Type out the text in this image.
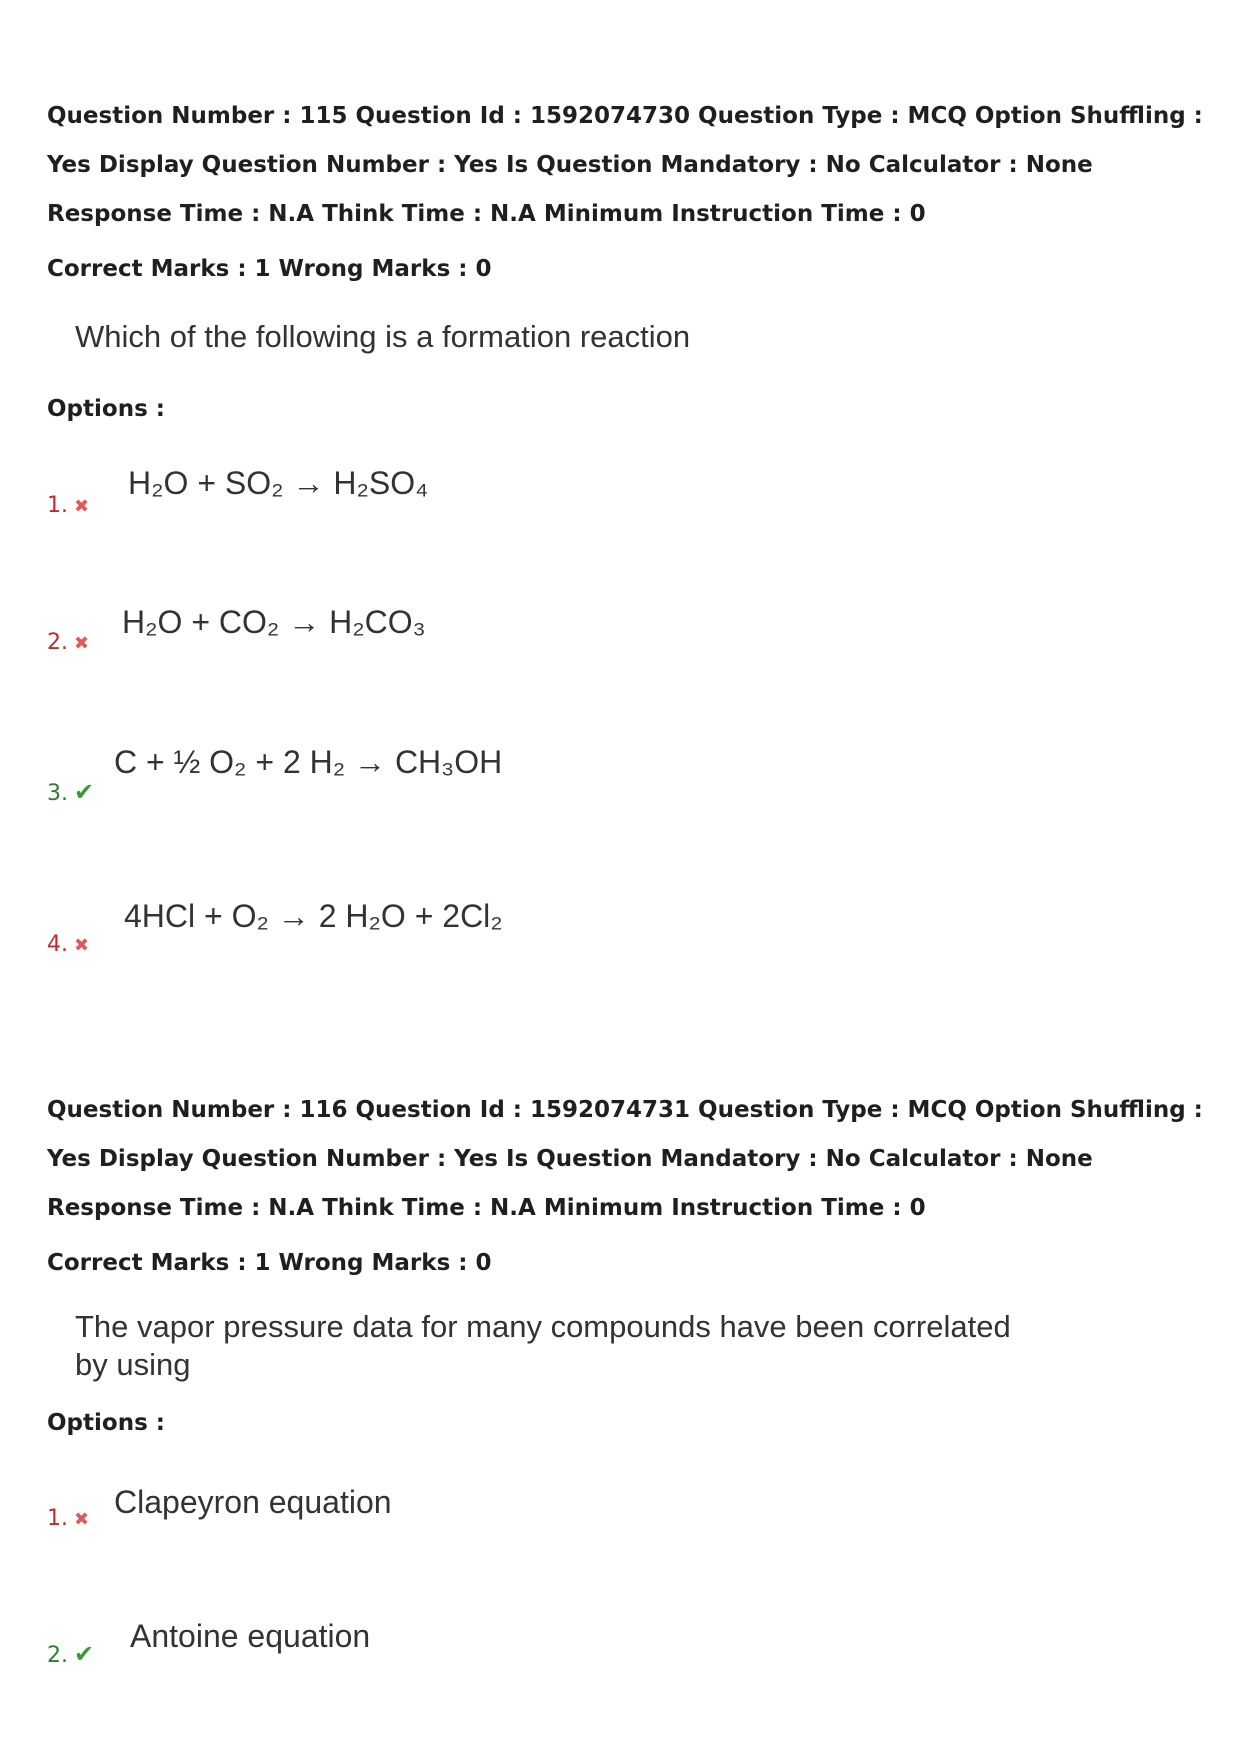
Question Number : 115 Question Id : 1592074730 Question Type : MCQ Option Shuffling : Yes Display Question Number : Yes Is Question Mandatory : No Calculator : None Response Time : N.A Think Time : N.A Minimum Instruction Time : 0
Correct Marks : 1 Wrong Marks : 0
Which of the following is a formation reaction
Options :
1. ✖
H₂O + SO₂ → H₂SO₄
2. ✖
H₂O + CO₂ → H₂CO₃
3. ✔
C + ½ O₂ + 2 H₂ → CH₃OH
4. ✖
4HCl + O₂ → 2 H₂O + 2Cl₂
Question Number : 116 Question Id : 1592074731 Question Type : MCQ Option Shuffling : Yes Display Question Number : Yes Is Question Mandatory : No Calculator : None Response Time : N.A Think Time : N.A Minimum Instruction Time : 0
Correct Marks : 1 Wrong Marks : 0
The vapor pressure data for many compounds have been correlated
by using
Options :
1. ✖ Clapeyron equation
2. ✔ Antoine equation
